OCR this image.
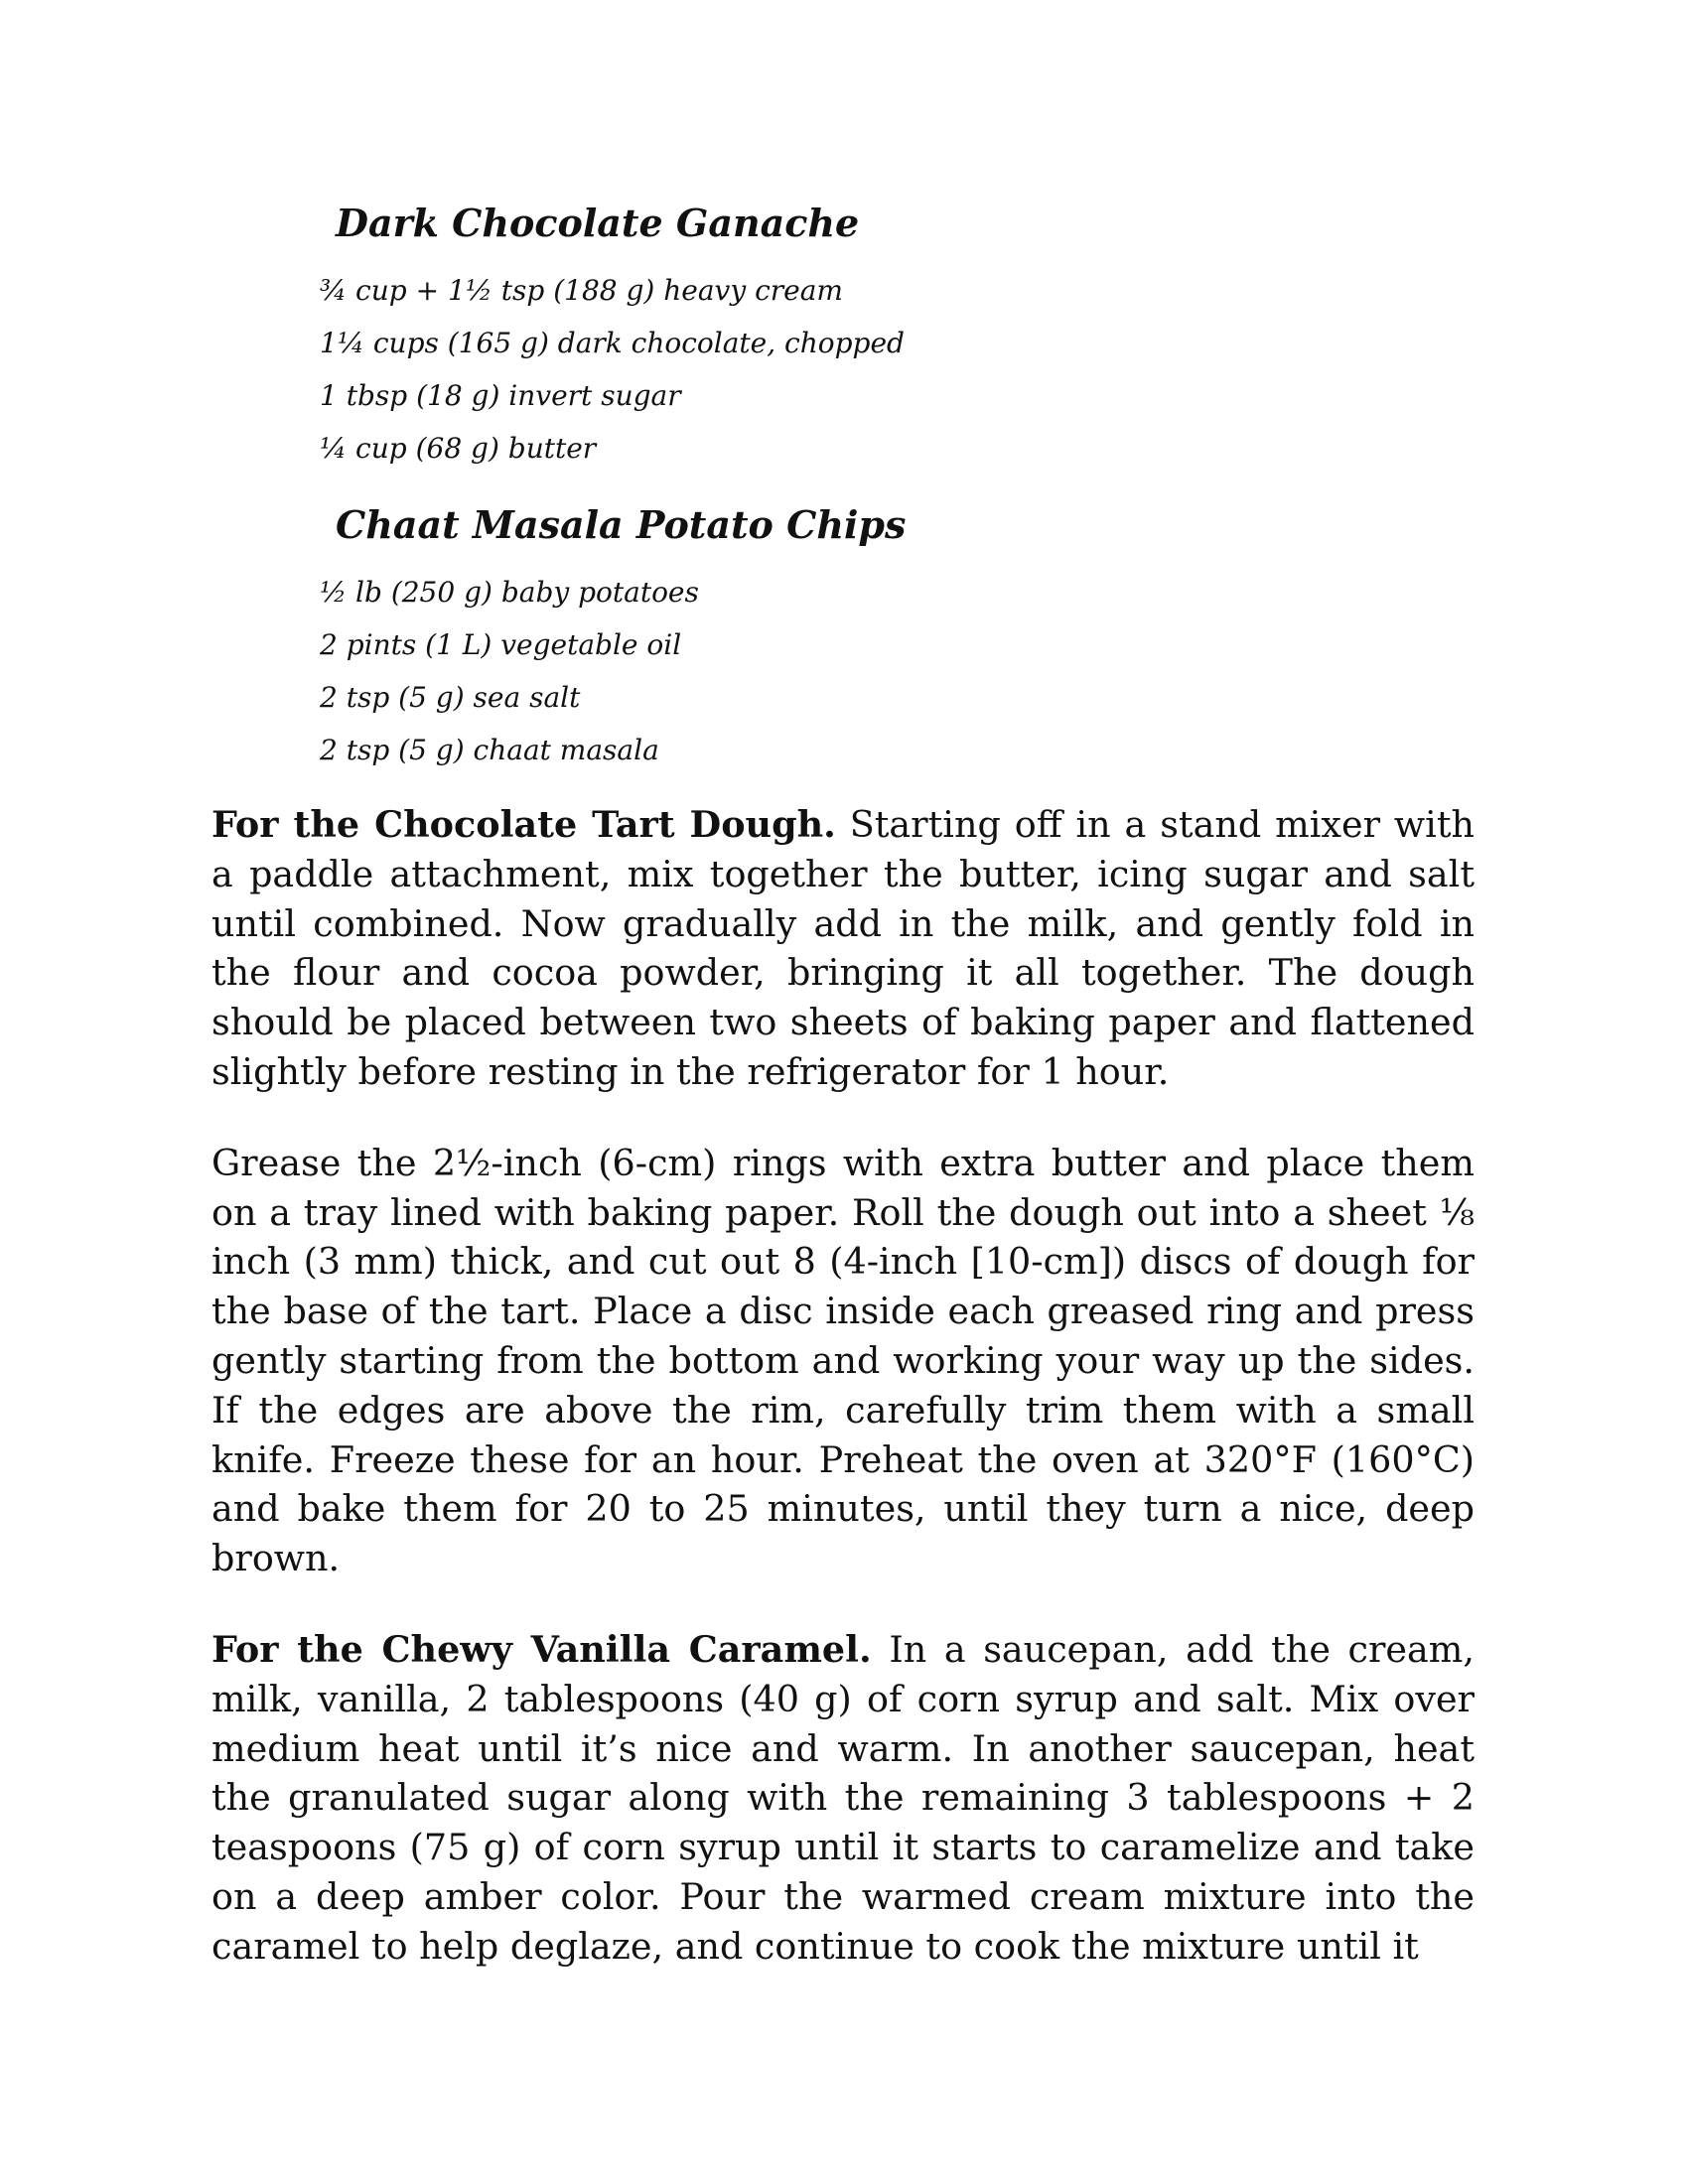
Dark Chocolate Ganache
¾ cup + 1½ tsp (188 g) heavy cream
1¼ cups (165 g) dark chocolate, chopped
1 tbsp (18 g) invert sugar
¼ cup (68 g) butter
Chaat Masala Potato Chips
½ lb (250 g) baby potatoes
2 pints (1 L) vegetable oil
2 tsp (5 g) sea salt
2 tsp (5 g) chaat masala

For the Chocolate Tart Dough. Starting off in a stand mixer with a paddle attachment, mix together the butter, icing sugar and salt until combined. Now gradually add in the milk, and gently fold in the flour and cocoa powder, bringing it all together. The dough should be placed between two sheets of baking paper and flattened slightly before resting in the refrigerator for 1 hour.

Grease the 2½-inch (6-cm) rings with extra butter and place them on a tray lined with baking paper. Roll the dough out into a sheet ⅛ inch (3 mm) thick, and cut out 8 (4-inch [10-cm]) discs of dough for the base of the tart. Place a disc inside each greased ring and press gently starting from the bottom and working your way up the sides. If the edges are above the rim, carefully trim them with a small knife. Freeze these for an hour. Preheat the oven at 320°F (160°C) and bake them for 20 to 25 minutes, until they turn a nice, deep brown.

For the Chewy Vanilla Caramel. In a saucepan, add the cream, milk, vanilla, 2 tablespoons (40 g) of corn syrup and salt. Mix over medium heat until it’s nice and warm. In another saucepan, heat the granulated sugar along with the remaining 3 tablespoons + 2 teaspoons (75 g) of corn syrup until it starts to caramelize and take on a deep amber color. Pour the warmed cream mixture into the caramel to help deglaze, and continue to cook the mixture until it
